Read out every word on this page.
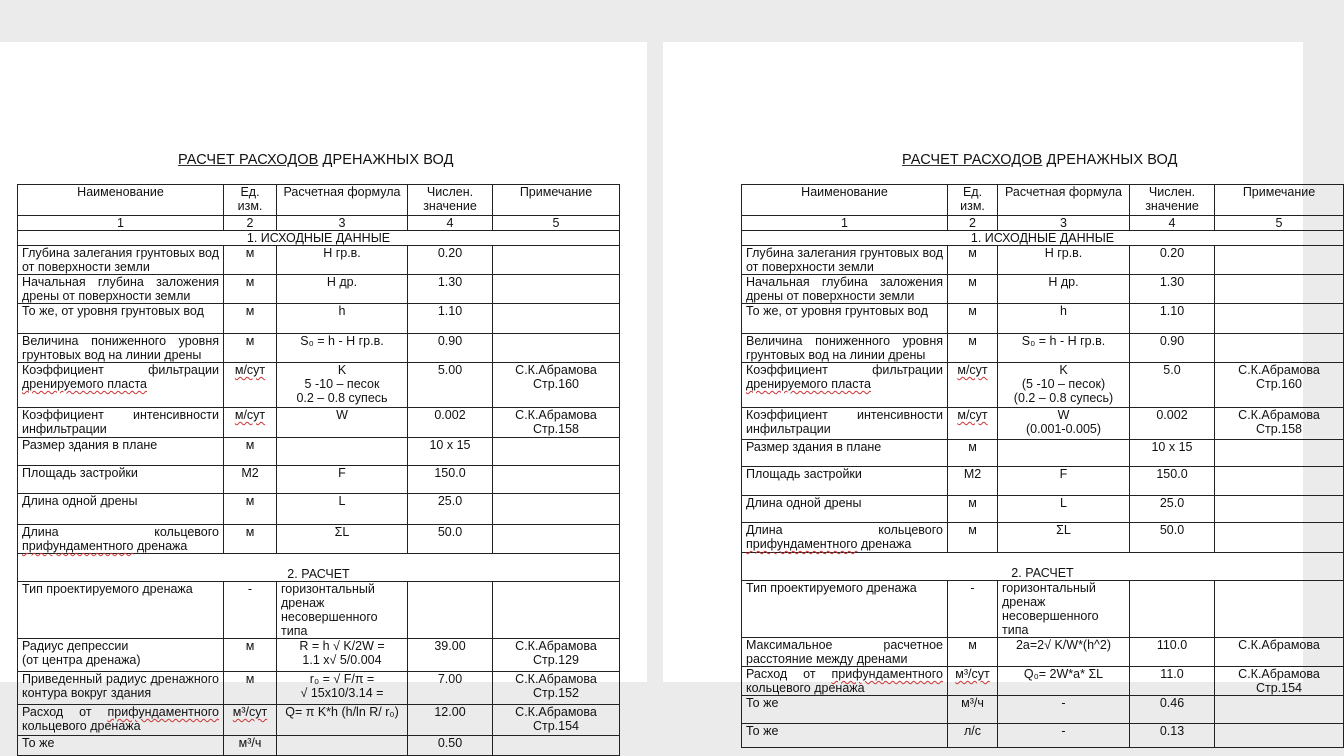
РАСЧЕТ РАСХОДОВ ДРЕНАЖНЫХ ВОД
Наименование	Ед. изм.	Расчетная формула	Числен. значение	Примечание
1	2	3	4	5
1. ИСХОДНЫЕ ДАННЫЕ				
Глубина залегания грунтовых вод от поверхности земли	м	H гр.в.	0.20	
Начальная глубина заложения дрены от поверхности земли	м	H др.	1.30	
То же, от уровня грунтовых вод	м	h	1.10	
Величина пониженного уровня грунтовых вод на линии дрены	м	S₀ = h - H гр.в.	0.90	
Коэффициент фильтрации дренируемого пласта	м/сут	K
5 -10 – песок
0.2 – 0.8 супесь	5.00	С.К.Абрамова
Стр.160
Коэффициент интенсивности инфильтрации	м/сут	W	0.002	С.К.Абрамова
Стр.158
Размер здания в плане	м		10 х 15	
Площадь застройки	М2	F	150.0	
Длина одной дрены	м	L	25.0	
Длина кольцевого прифундаментного дренажа	м	ΣL	50.0	
2. РАСЧЕТ				
Тип проектируемого дренажа	-	горизонтальный дренаж несовершенного типа		
Радиус депрессии
(от центра дренажа)	м	R = h √ K/2W =
1.1 х√ 5/0.004	39.00	С.К.Абрамова
Стр.129
Приведенный радиус дренажного контура вокруг здания	м	r₀ = √ F/π =
√ 15х10/3.14 =	7.00	С.К.Абрамова
Стр.152
Расход от прифундаментного кольцевого дренажа	м³/сут	Q= π K*h (h/ln R/ r₀)	12.00	С.К.Абрамова
Стр.154
То же	м³/ч		0.50	
РАСЧЕТ РАСХОДОВ ДРЕНАЖНЫХ ВОД
Наименование	Ед. изм.	Расчетная формула	Числен. значение	Примечание
1	2	3	4	5
1. ИСХОДНЫЕ ДАННЫЕ				
Глубина залегания грунтовых вод от поверхности земли	м	H гр.в.	0.20	
Начальная глубина заложения дрены от поверхности земли	м	H др.	1.30	
То же, от уровня грунтовых вод	м	h	1.10	
Величина пониженного уровня грунтовых вод на линии дрены	м	S₀ = h - H гр.в.	0.90	
Коэффициент фильтрации дренируемого пласта	м/сут	K
(5 -10 – песок)
(0.2 – 0.8 супесь)	5.0	С.К.Абрамова
Стр.160
Коэффициент интенсивности инфильтрации	м/сут	W
(0.001-0.005)	0.002	С.К.Абрамова
Стр.158
Размер здания в плане	м		10 х 15	
Площадь застройки	М2	F	150.0	
Длина одной дрены	м	L	25.0	
Длина кольцевого прифундаментного дренажа	м	ΣL	50.0	
2. РАСЧЕТ				
Тип проектируемого дренажа	-	горизонтальный дренаж несовершенного типа		
Максимальное расчетное расстояние между дренами	м	2a=2√ K/W*(h^2)	110.0	С.К.Абрамова
Расход от прифундаментного кольцевого дренажа	м³/сут	Q₀= 2W*a* ΣL	11.0	С.К.Абрамова
Стр.154
То же	м³/ч	-	0.46	
То же	л/с	-	0.13	
